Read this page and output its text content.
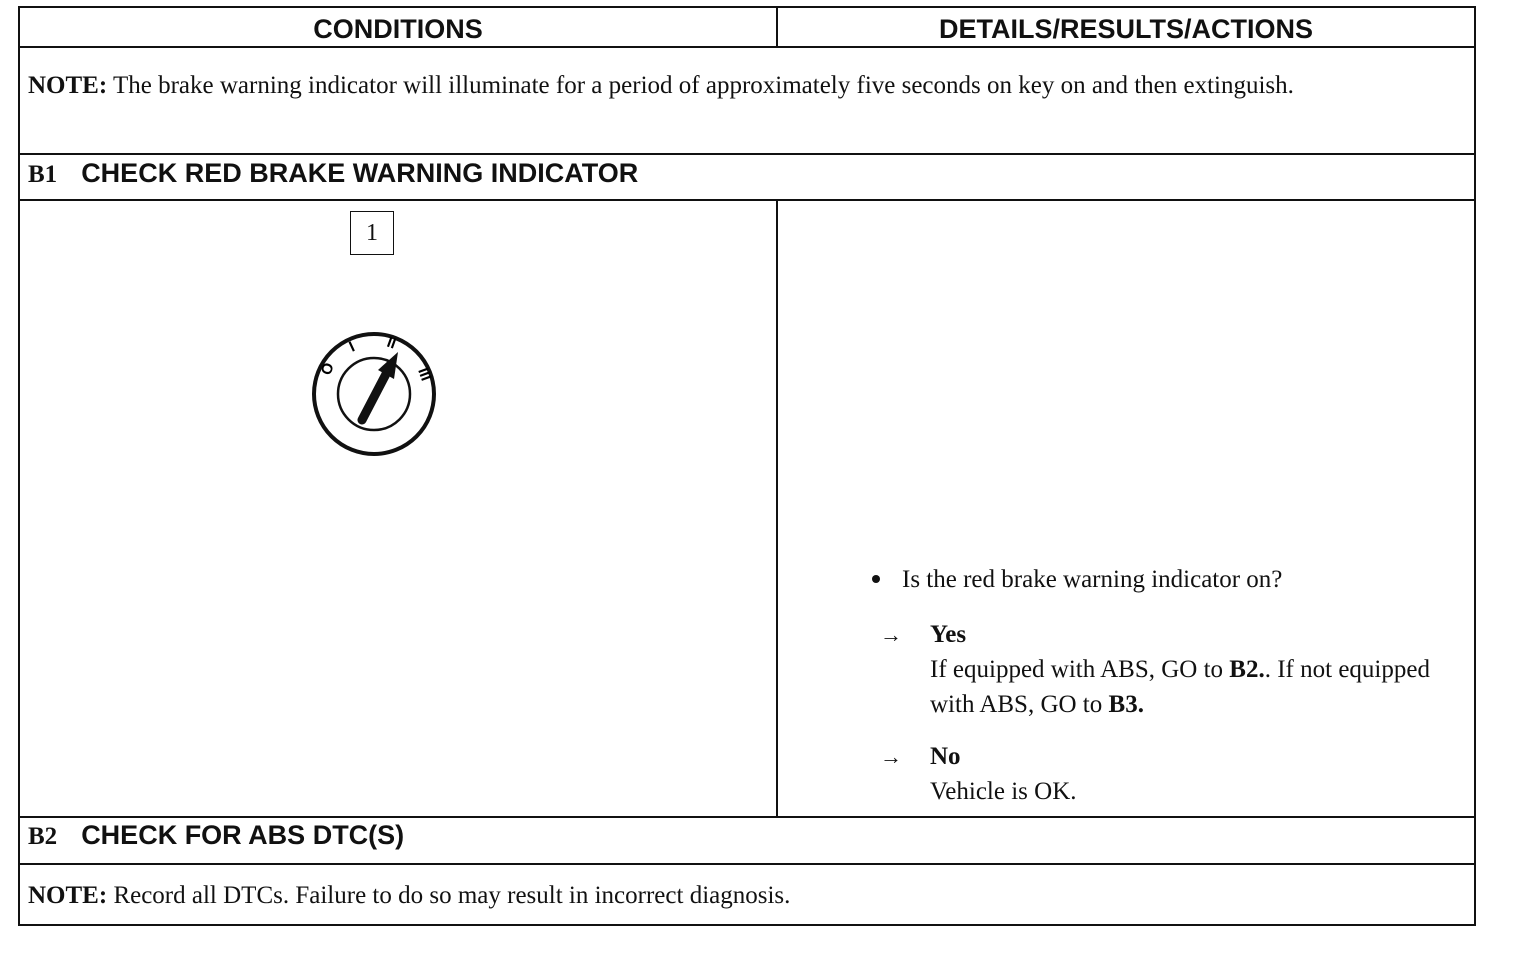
CONDITIONS	DETAILS/RESULTS/ACTIONS
NOTE: The brake warning indicator will illuminate for a period of approximately five seconds on key on and then extinguish.
B1 CHECK RED BRAKE WARNING INDICATOR
1
O
I II
III
Is the red brake warning indicator on?
→ Yes
If equipped with ABS, GO to B2.. If not equipped with ABS, GO to B3.
→ No
Vehicle is OK.
B2 CHECK FOR ABS DTC(S)
NOTE: Record all DTCs. Failure to do so may result in incorrect diagnosis.
